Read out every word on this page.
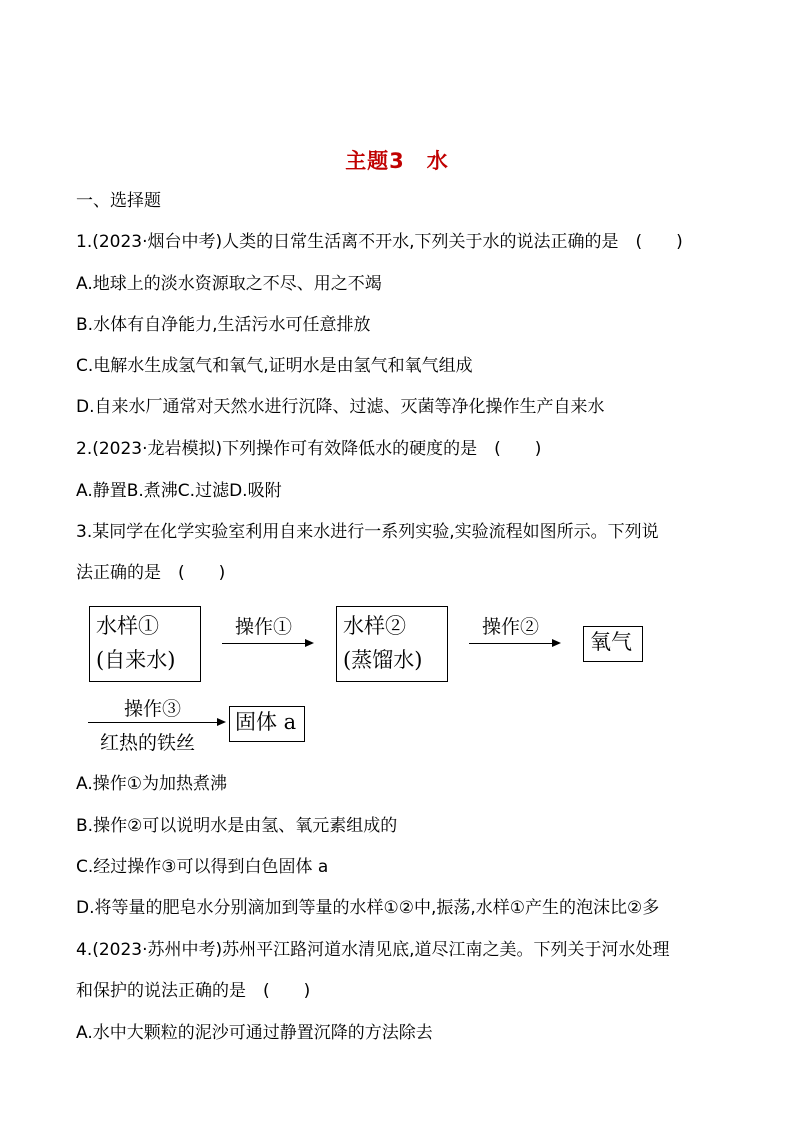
主题3　水
一、选择题
1.(2023·烟台中考)人类的日常生活离不开水,下列关于水的说法正确的是　(　　)
A.地球上的淡水资源取之不尽、用之不竭
B.水体有自净能力,生活污水可任意排放
C.电解水生成氢气和氧气,证明水是由氢气和氧气组成
D.自来水厂通常对天然水进行沉降、过滤、灭菌等净化操作生产自来水
2.(2023·龙岩模拟)下列操作可有效降低水的硬度的是　(　　)
A.静置B.煮沸C.过滤D.吸附
3.某同学在化学实验室利用自来水进行一系列实验,实验流程如图所示。下列说
法正确的是　(　　)
水样①
(自来水)
操作① 水样②
(蒸馏水)
操作②
氧气
操作③
红热的铁丝
固体 a
A.操作①为加热煮沸
B.操作②可以说明水是由氢、氧元素组成的
C.经过操作③可以得到白色固体 a
D.将等量的肥皂水分别滴加到等量的水样①②中,振荡,水样①产生的泡沫比②多
4.(2023·苏州中考)苏州平江路河道水清见底,道尽江南之美。下列关于河水处理
和保护的说法正确的是　(　　)
A.水中大颗粒的泥沙可通过静置沉降的方法除去
